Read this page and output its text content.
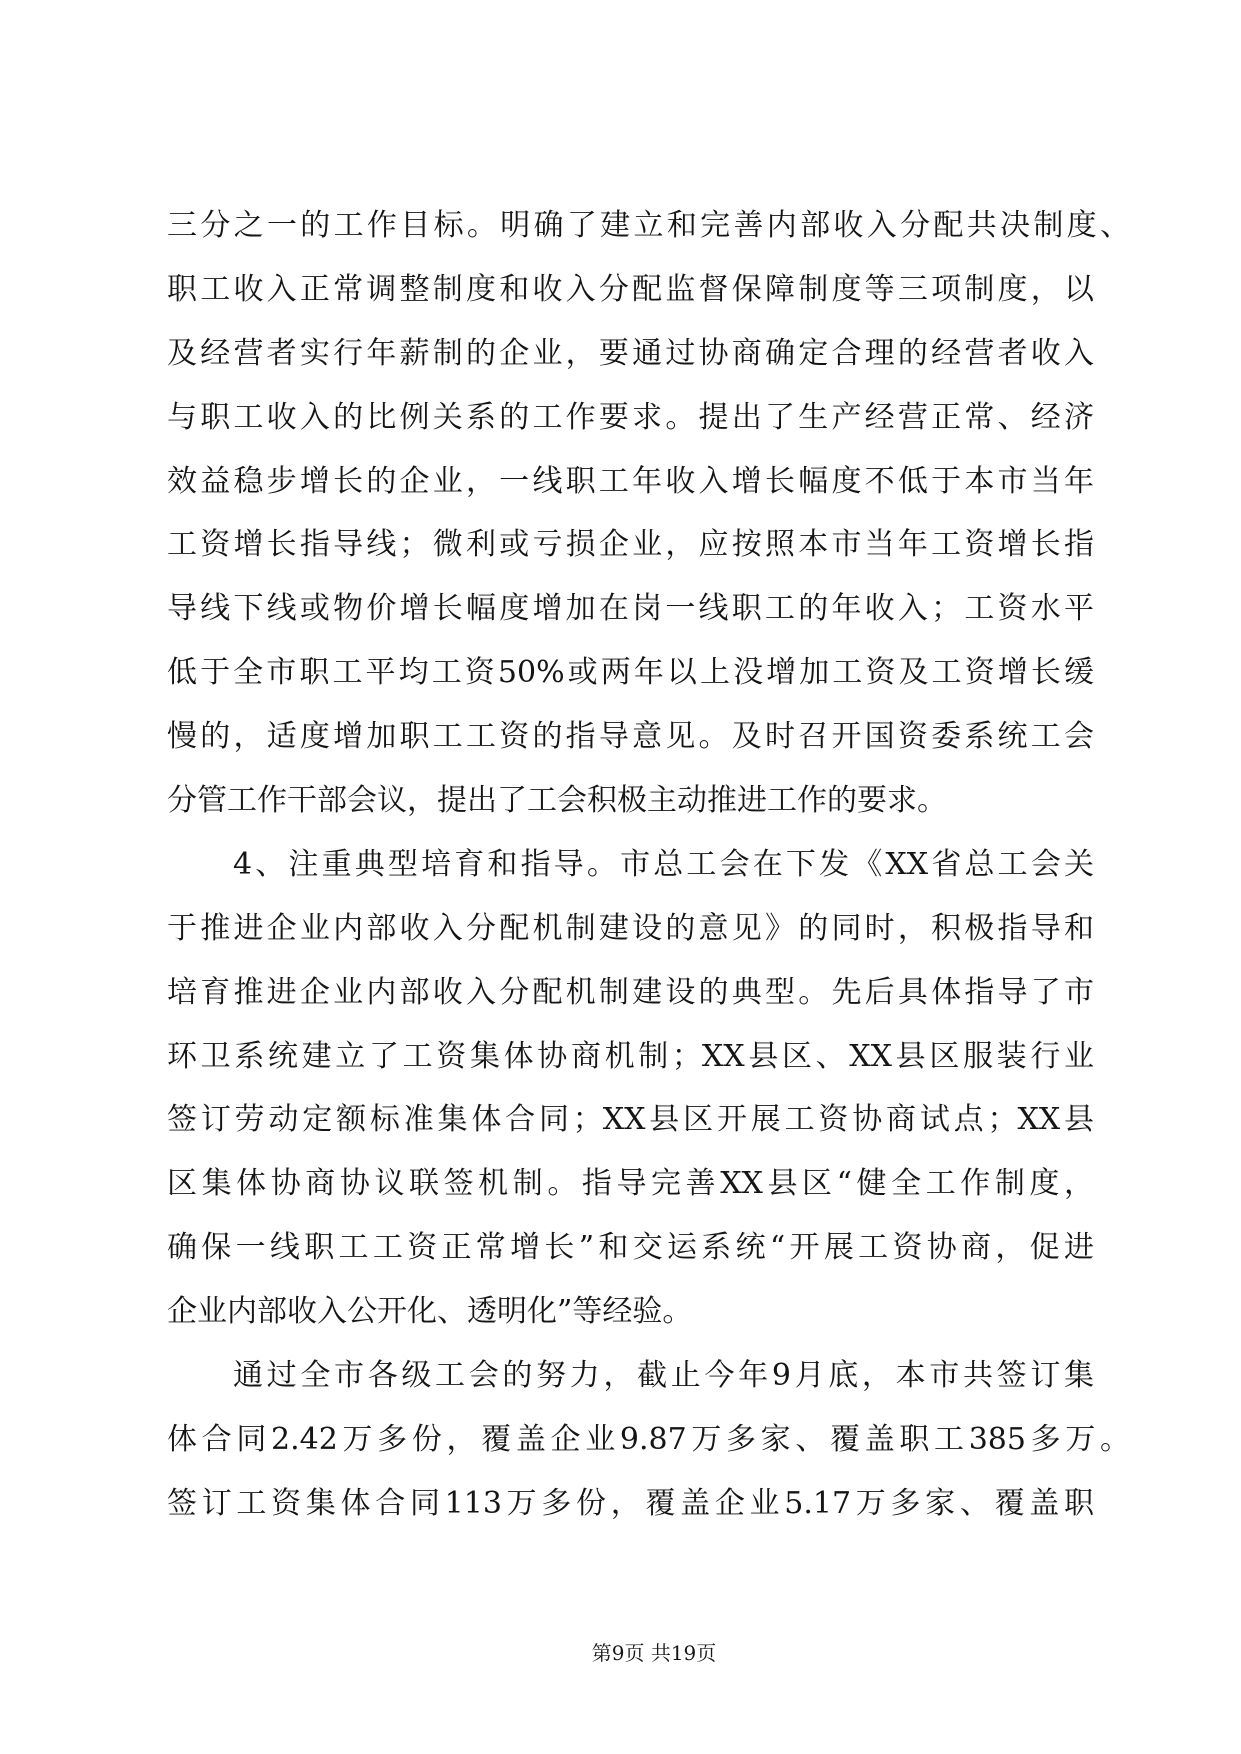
三分之一的工作目标。明确了建立和完善内部收入分配共决制度、
职工收入正常调整制度和收入分配监督保障制度等三项制度，以
及经营者实行年薪制的企业，要通过协商确定合理的经营者收入
与职工收入的比例关系的工作要求。提出了生产经营正常、经济
效益稳步增长的企业，一线职工年收入增长幅度不低于本市当年
工资增长指导线；微利或亏损企业，应按照本市当年工资增长指
导线下线或物价增长幅度增加在岗一线职工的年收入；工资水平
低于全市职工平均工资50%或两年以上没增加工资及工资增长缓
慢的，适度增加职工工资的指导意见。及时召开国资委系统工会
分管工作干部会议，提出了工会积极主动推进工作的要求。
4、注重典型培育和指导。市总工会在下发《XX省总工会关
于推进企业内部收入分配机制建设的意见》的同时，积极指导和
培育推进企业内部收入分配机制建设的典型。先后具体指导了市
环卫系统建立了工资集体协商机制；XX县区、XX县区服装行业
签订劳动定额标准集体合同；XX县区开展工资协商试点；XX县
区集体协商协议联签机制。指导完善XX县区“健全工作制度，
确保一线职工工资正常增长”和交运系统“开展工资协商，促进
企业内部收入公开化、透明化”等经验。
通过全市各级工会的努力，截止今年9月底，本市共签订集
体合同2.42万多份，覆盖企业9.87万多家、覆盖职工385多万。
签订工资集体合同113万多份，覆盖企业5.17万多家、覆盖职
第9页 共19页
